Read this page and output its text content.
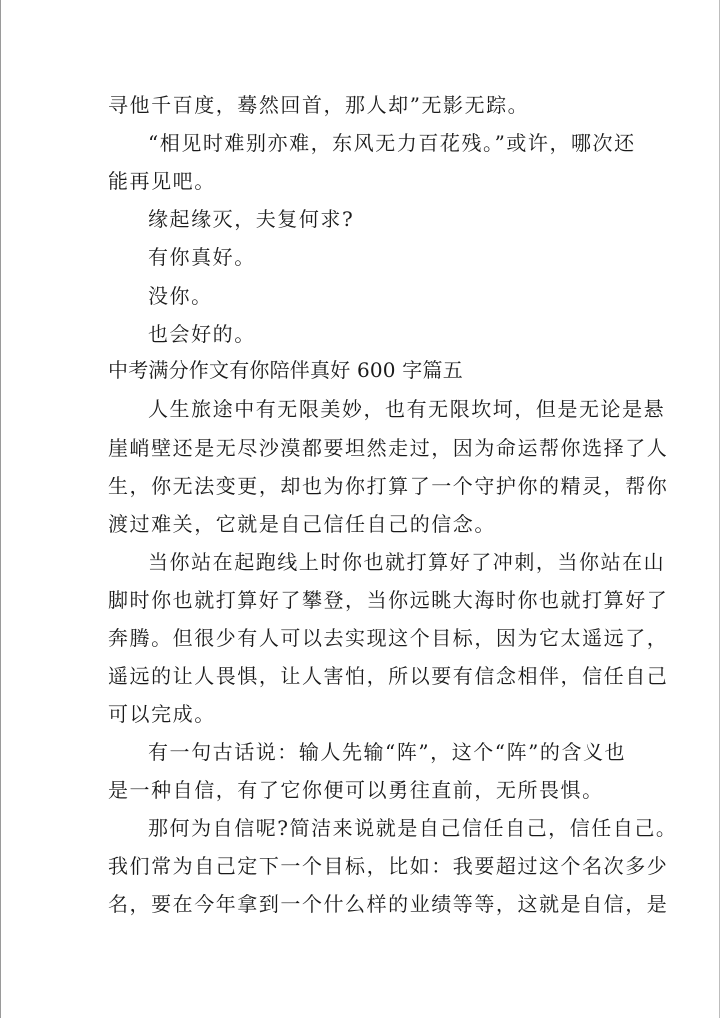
寻他千百度，蓦然回首，那人却”无影无踪。
“相见时难别亦难，东风无力百花残。”或许，哪次还
能再见吧。
缘起缘灭，夫复何求?
有你真好。
没你。
也会好的。
中考满分作文有你陪伴真好 600 字篇五
人生旅途中有无限美妙，也有无限坎坷，但是无论是悬
崖峭壁还是无尽沙漠都要坦然走过，因为命运帮你选择了人
生，你无法变更，却也为你打算了一个守护你的精灵，帮你
渡过难关，它就是自己信任自己的信念。
当你站在起跑线上时你也就打算好了冲刺，当你站在山
脚时你也就打算好了攀登，当你远眺大海时你也就打算好了
奔腾。但很少有人可以去实现这个目标，因为它太遥远了，
遥远的让人畏惧，让人害怕，所以要有信念相伴，信任自己
可以完成。
有一句古话说：输人先输“阵”，这个“阵”的含义也
是一种自信，有了它你便可以勇往直前，无所畏惧。
那何为自信呢?简洁来说就是自己信任自己，信任自己。
我们常为自己定下一个目标，比如：我要超过这个名次多少
名，要在今年拿到一个什么样的业绩等等，这就是自信，是
